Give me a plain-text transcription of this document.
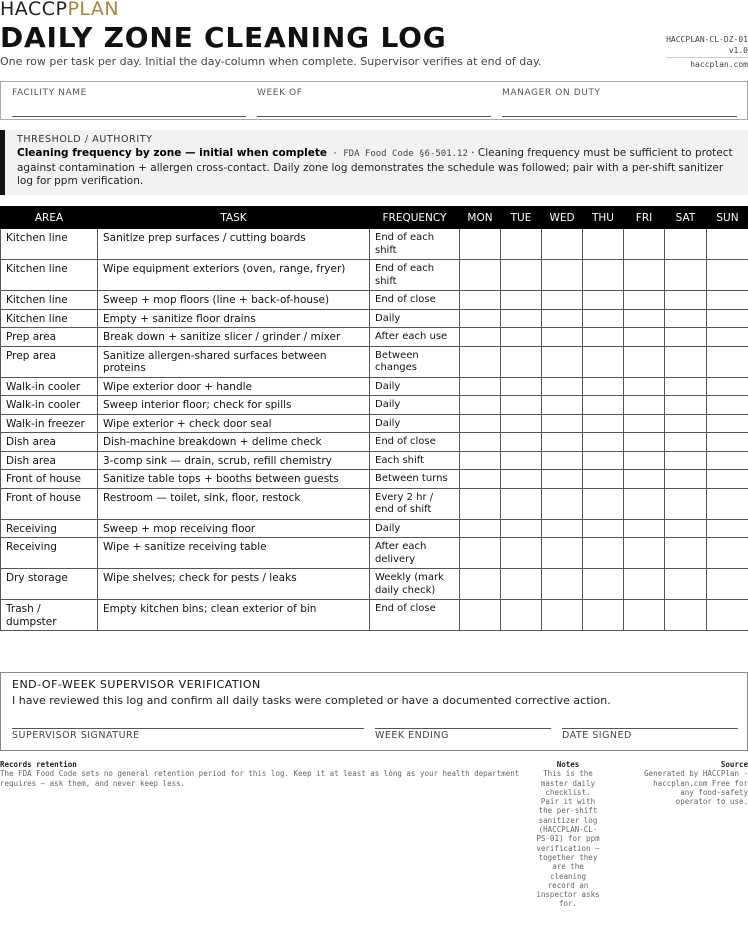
HACCPPLAN
DAILY ZONE CLEANING LOG
One row per task per day. Initial the day-column when complete. Supervisor verifies at end of day.
HACCPLAN-CL-DZ-01
v1.0
haccplan.com
FACILITY NAME	WEEK OF	MANAGER ON DUTY
THRESHOLD / AUTHORITY
Cleaning frequency by zone — initial when complete · FDA Food Code §6-501.12 · Cleaning frequency must be sufficient to protect against contamination + allergen cross-contact. Daily zone log demonstrates the schedule was followed; pair with a per-shift sanitizer log for ppm verification.
AREA	TASK	FREQUENCY	MON	TUE	WED	THU	FRI	SAT	SUN
Kitchen line	Sanitize prep surfaces / cutting boards	End of each shift							
Kitchen line	Wipe equipment exteriors (oven, range, fryer)	End of each shift							
Kitchen line	Sweep + mop floors (line + back-of-house)	End of close							
Kitchen line	Empty + sanitize floor drains	Daily							
Prep area	Break down + sanitize slicer / grinder / mixer	After each use							
Prep area	Sanitize allergen-shared surfaces between proteins	Between changes							
Walk-in cooler	Wipe exterior door + handle	Daily							
Walk-in cooler	Sweep interior floor; check for spills	Daily							
Walk-in freezer	Wipe exterior + check door seal	Daily							
Dish area	Dish-machine breakdown + delime check	End of close							
Dish area	3-comp sink — drain, scrub, refill chemistry	Each shift							
Front of house	Sanitize table tops + booths between guests	Between turns							
Front of house	Restroom — toilet, sink, floor, restock	Every 2 hr / end of shift							
Receiving	Sweep + mop receiving floor	Daily							
Receiving	Wipe + sanitize receiving table	After each delivery							
Dry storage	Wipe shelves; check for pests / leaks	Weekly (mark daily check)							
Trash / dumpster	Empty kitchen bins; clean exterior of bin	End of close							
END-OF-WEEK SUPERVISOR VERIFICATION
I have reviewed this log and confirm all daily tasks were completed or have a documented corrective action.
SUPERVISOR SIGNATURE	WEEK ENDING	DATE SIGNED
Records retention
The FDA Food Code sets no general retention period for this log. Keep it at least as long as your health department requires — ask them, and never keep less.
Notes
This is the master daily checklist. Pair it with the per-shift sanitizer log (HACCPLAN-CL-PS-01) for ppm verification — together they are the cleaning record an inspector asks for.
Source
Generated by HACCPlan · haccplan.com Free for any food-safety operator to use.
